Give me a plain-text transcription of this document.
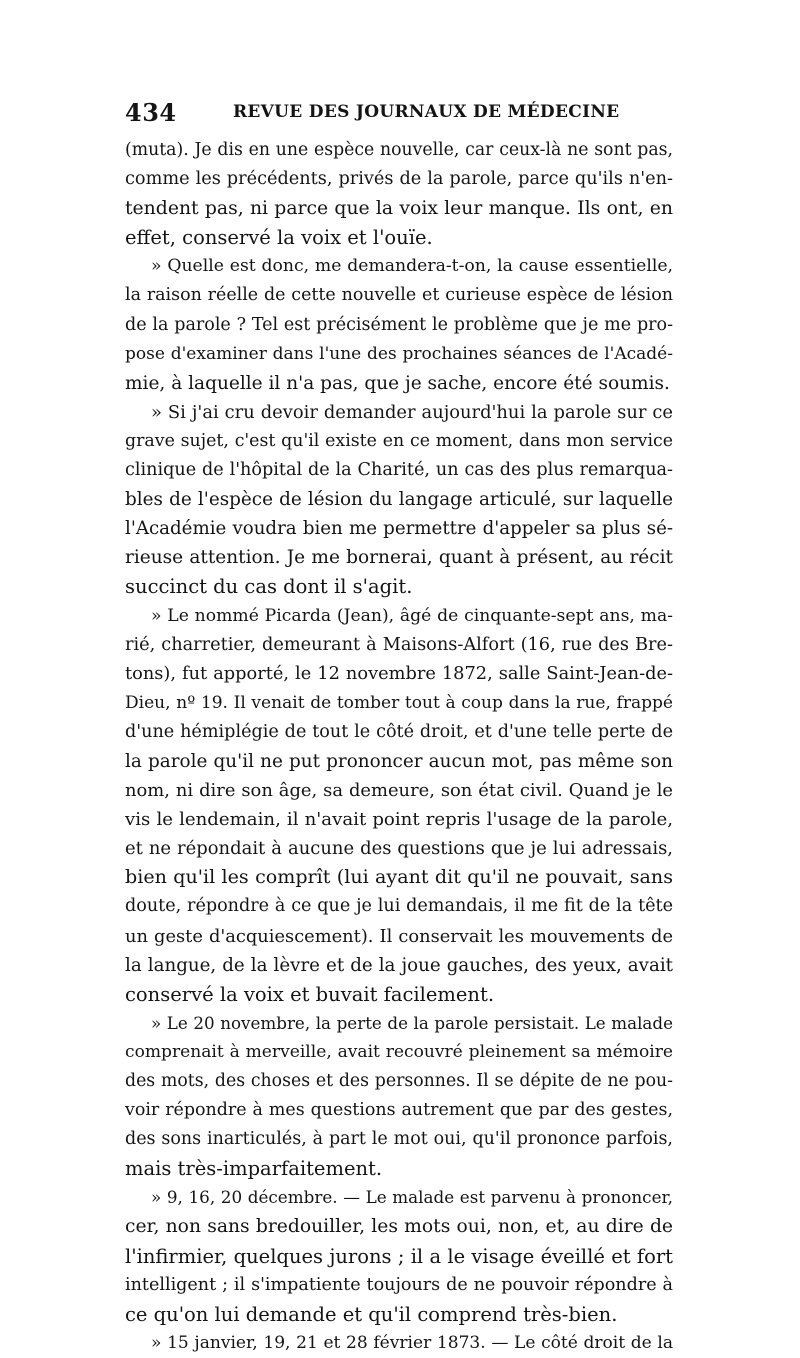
434	REVUE DES JOURNAUX DE MÉDECINE
(muta). Je dis en une espèce nouvelle, car ceux-là ne sont pas,
comme les précédents, privés de la parole, parce qu'ils n'en-
tendent pas, ni parce que la voix leur manque. Ils ont, en
effet, conservé la voix et l'ouïe.
» Quelle est donc, me demandera-t-on, la cause essentielle,
la raison réelle de cette nouvelle et curieuse espèce de lésion
de la parole ? Tel est précisément le problème que je me pro-
pose d'examiner dans l'une des prochaines séances de l'Acadé-
mie, à laquelle il n'a pas, que je sache, encore été soumis.
» Si j'ai cru devoir demander aujourd'hui la parole sur ce
grave sujet, c'est qu'il existe en ce moment, dans mon service
clinique de l'hôpital de la Charité, un cas des plus remarqua-
bles de l'espèce de lésion du langage articulé, sur laquelle
l'Académie voudra bien me permettre d'appeler sa plus sé-
rieuse attention. Je me bornerai, quant à présent, au récit
succinct du cas dont il s'agit.
» Le nommé Picarda (Jean), âgé de cinquante-sept ans, ma-
rié, charretier, demeurant à Maisons-Alfort (16, rue des Bre-
tons), fut apporté, le 12 novembre 1872, salle Saint-Jean-de-
Dieu, nº 19. Il venait de tomber tout à coup dans la rue, frappé
d'une hémiplégie de tout le côté droit, et d'une telle perte de
la parole qu'il ne put prononcer aucun mot, pas même son
nom, ni dire son âge, sa demeure, son état civil. Quand je le
vis le lendemain, il n'avait point repris l'usage de la parole,
et ne répondait à aucune des questions que je lui adressais,
bien qu'il les comprît (lui ayant dit qu'il ne pouvait, sans
doute, répondre à ce que je lui demandais, il me fit de la tête
un geste d'acquiescement). Il conservait les mouvements de
la langue, de la lèvre et de la joue gauches, des yeux, avait
conservé la voix et buvait facilement.
» Le 20 novembre, la perte de la parole persistait. Le malade
comprenait à merveille, avait recouvré pleinement sa mémoire
des mots, des choses et des personnes. Il se dépite de ne pou-
voir répondre à mes questions autrement que par des gestes,
des sons inarticulés, à part le mot oui, qu'il prononce parfois,
mais très-imparfaitement.
» 9, 16, 20 décembre. — Le malade est parvenu à prononcer,
cer, non sans bredouiller, les mots oui, non, et, au dire de
l'infirmier, quelques jurons ; il a le visage éveillé et fort
intelligent ; il s'impatiente toujours de ne pouvoir répondre à
ce qu'on lui demande et qu'il comprend très-bien.
» 15 janvier, 19, 21 et 28 février 1873. — Le côté droit de la
